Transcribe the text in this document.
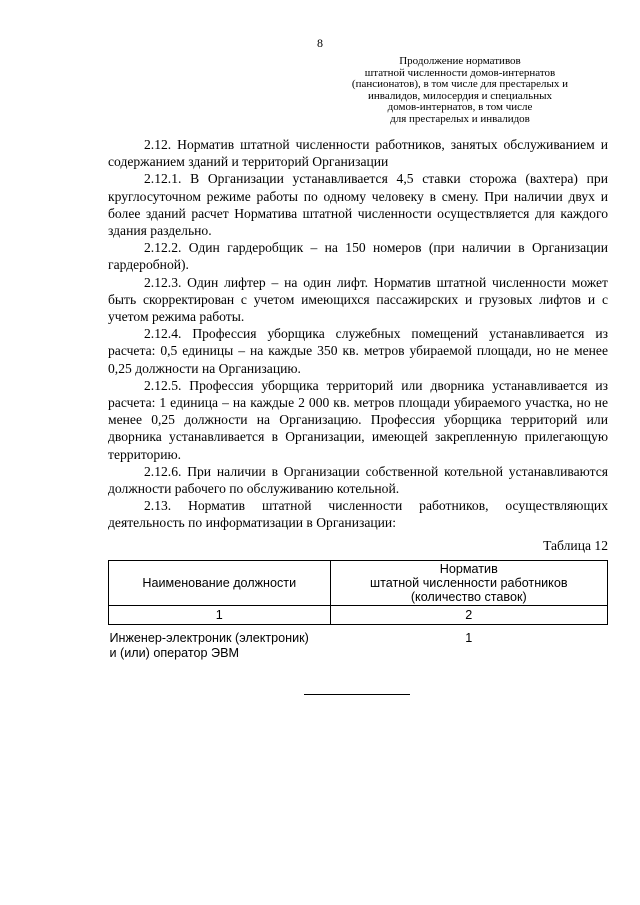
8
Продолжение нормативов
штатной численности домов-интернатов
(пансионатов), в том числе для престарелых и
инвалидов, милосердия и специальных
домов-интернатов, в том числе
для престарелых и инвалидов

2.12. Норматив штатной численности работников, занятых обслуживанием и содержанием зданий и территорий Организации

2.12.1. В Организации устанавливается 4,5 ставки сторожа (вахтера) при круглосуточном режиме работы по одному человеку в смену. При наличии двух и более зданий расчет Норматива штатной численности осуществляется для каждого здания раздельно.

2.12.2. Один гардеробщик – на 150 номеров (при наличии в Организации гардеробной).

2.12.3. Один лифтер – на один лифт. Норматив штатной численности может быть скорректирован с учетом имеющихся пассажирских и грузовых лифтов и с учетом режима работы.

2.12.4. Профессия уборщика служебных помещений устанавливается из расчета: 0,5 единицы – на каждые 350 кв. метров убираемой площади, но не менее 0,25 должности на Организацию.

2.12.5. Профессия уборщика территорий или дворника устанавливается из расчета: 1 единица – на каждые 2 000 кв. метров площади убираемого участка, но не менее 0,25 должности на Организацию. Профессия уборщика территорий или дворника устанавливается в Организации, имеющей закрепленную прилегающую территорию.

2.12.6. При наличии в Организации собственной котельной устанавливаются должности рабочего по обслуживанию котельной.

2.13. Норматив штатной численности работников, осуществляющих деятельность по информатизации в Организации:

Таблица 12
Наименование должности	Норматив
штатной численности работников
(количество ставок)
1	2
Инженер-электроник (электроник)
и (или) оператор ЭВМ	1
